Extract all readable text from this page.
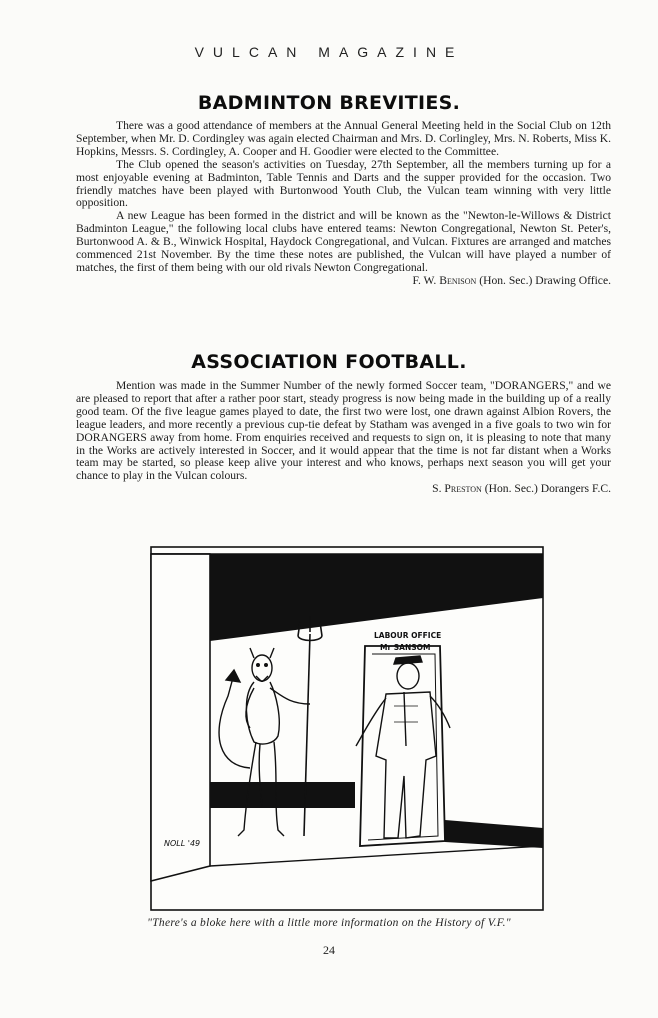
VULCAN MAGAZINE
BADMINTON BREVITIES.

There was a good attendance of members at the Annual General Meeting held in the Social Club on 12th September, when Mr. D. Cordingley was again elected Chairman and Mrs. D. Corlingley, Mrs. N. Roberts, Miss K. Hopkins, Messrs. S. Cordingley, A. Cooper and H. Goodier were elected to the Committee.

The Club opened the season's activities on Tuesday, 27th September, all the members turning up for a most enjoyable evening at Badminton, Table Tennis and Darts and the supper provided for the occasion. Two friendly matches have been played with Burtonwood Youth Club, the Vulcan team winning with very little opposition.

A new League has been formed in the district and will be known as the "Newton-le-Willows & District Badminton League," the following local clubs have entered teams: Newton Congregational, Newton St. Peter's, Burtonwood A. & B., Winwick Hospital, Haydock Congregational, and Vulcan. Fixtures are arranged and matches commenced 21st November. By the time these notes are published, the Vulcan will have played a number of matches, the first of them being with our old rivals Newton Congregational.

F. W. Benison (Hon. Sec.) Drawing Office.

ASSOCIATION FOOTBALL.

Mention was made in the Summer Number of the newly formed Soccer team, "DORANGERS," and we are pleased to report that after a rather poor start, steady progress is now being made in the building up of a really good team. Of the five league games played to date, the first two were lost, one drawn against Albion Rovers, the league leaders, and more recently a previous cup-tie defeat by Statham was avenged in a five goals to two win for DORANGERS away from home. From enquiries received and requests to sign on, it is pleasing to note that many in the Works are actively interested in Soccer, and it would appear that the time is not far distant when a Works team may be started, so please keep alive your interest and who knows, perhaps next season you will get your chance to play in the Vulcan colours.

S. Preston (Hon. Sec.) Dorangers F.C.

LABOUR OFFICE
Mr SANSOM
NOLL '49
"There's a bloke here with a little more information on the History of V.F."
24
